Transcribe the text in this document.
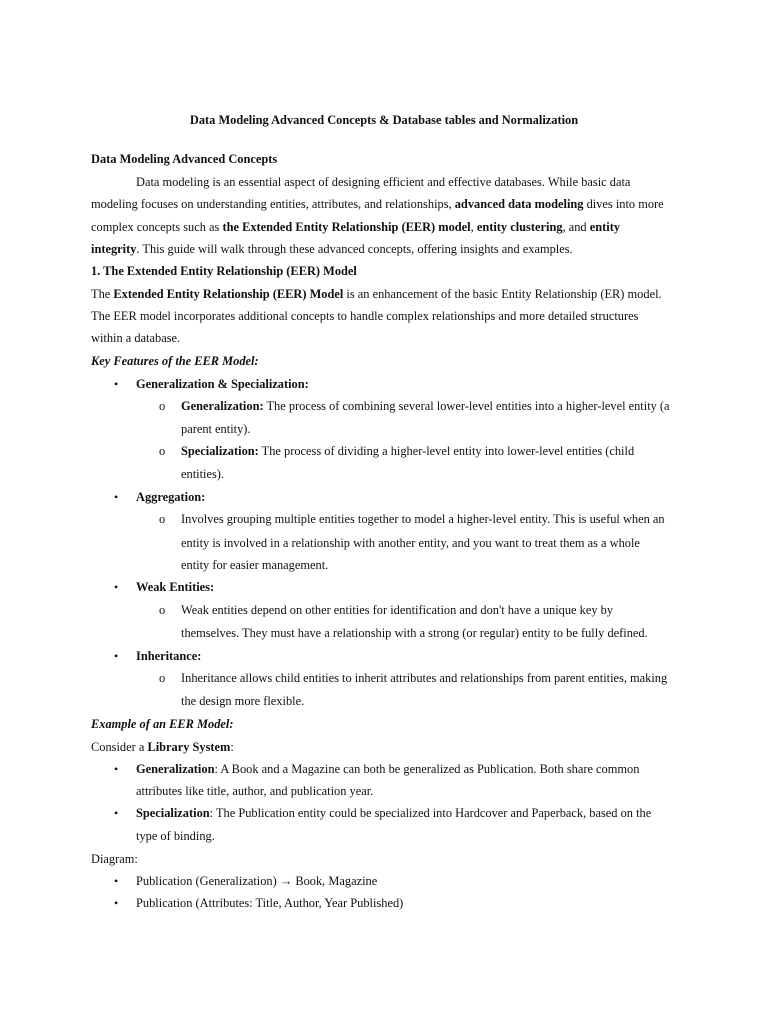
Data Modeling Advanced Concepts & Database tables and Normalization
Data Modeling Advanced Concepts
Data modeling is an essential aspect of designing efficient and effective databases. While basic data
modeling focuses on understanding entities, attributes, and relationships, advanced data modeling dives into more
complex concepts such as the Extended Entity Relationship (EER) model, entity clustering, and entity
integrity. This guide will walk through these advanced concepts, offering insights and examples.
1. The Extended Entity Relationship (EER) Model
The Extended Entity Relationship (EER) Model is an enhancement of the basic Entity Relationship (ER) model.
The EER model incorporates additional concepts to handle complex relationships and more detailed structures
within a database.
Key Features of the EER Model:
• Generalization & Specialization:
o Generalization: The process of combining several lower-level entities into a higher-level entity (a
parent entity).
o Specialization: The process of dividing a higher-level entity into lower-level entities (child
entities).
• Aggregation:
o Involves grouping multiple entities together to model a higher-level entity. This is useful when an
entity is involved in a relationship with another entity, and you want to treat them as a whole
entity for easier management.
• Weak Entities:
o Weak entities depend on other entities for identification and don't have a unique key by
themselves. They must have a relationship with a strong (or regular) entity to be fully defined.
• Inheritance:
o Inheritance allows child entities to inherit attributes and relationships from parent entities, making
the design more flexible.
Example of an EER Model:
Consider a Library System:
• Generalization: A Book and a Magazine can both be generalized as Publication. Both share common
attributes like title, author, and publication year.
• Specialization: The Publication entity could be specialized into Hardcover and Paperback, based on the
type of binding.
Diagram:
• Publication (Generalization) → Book, Magazine
• Publication (Attributes: Title, Author, Year Published)
